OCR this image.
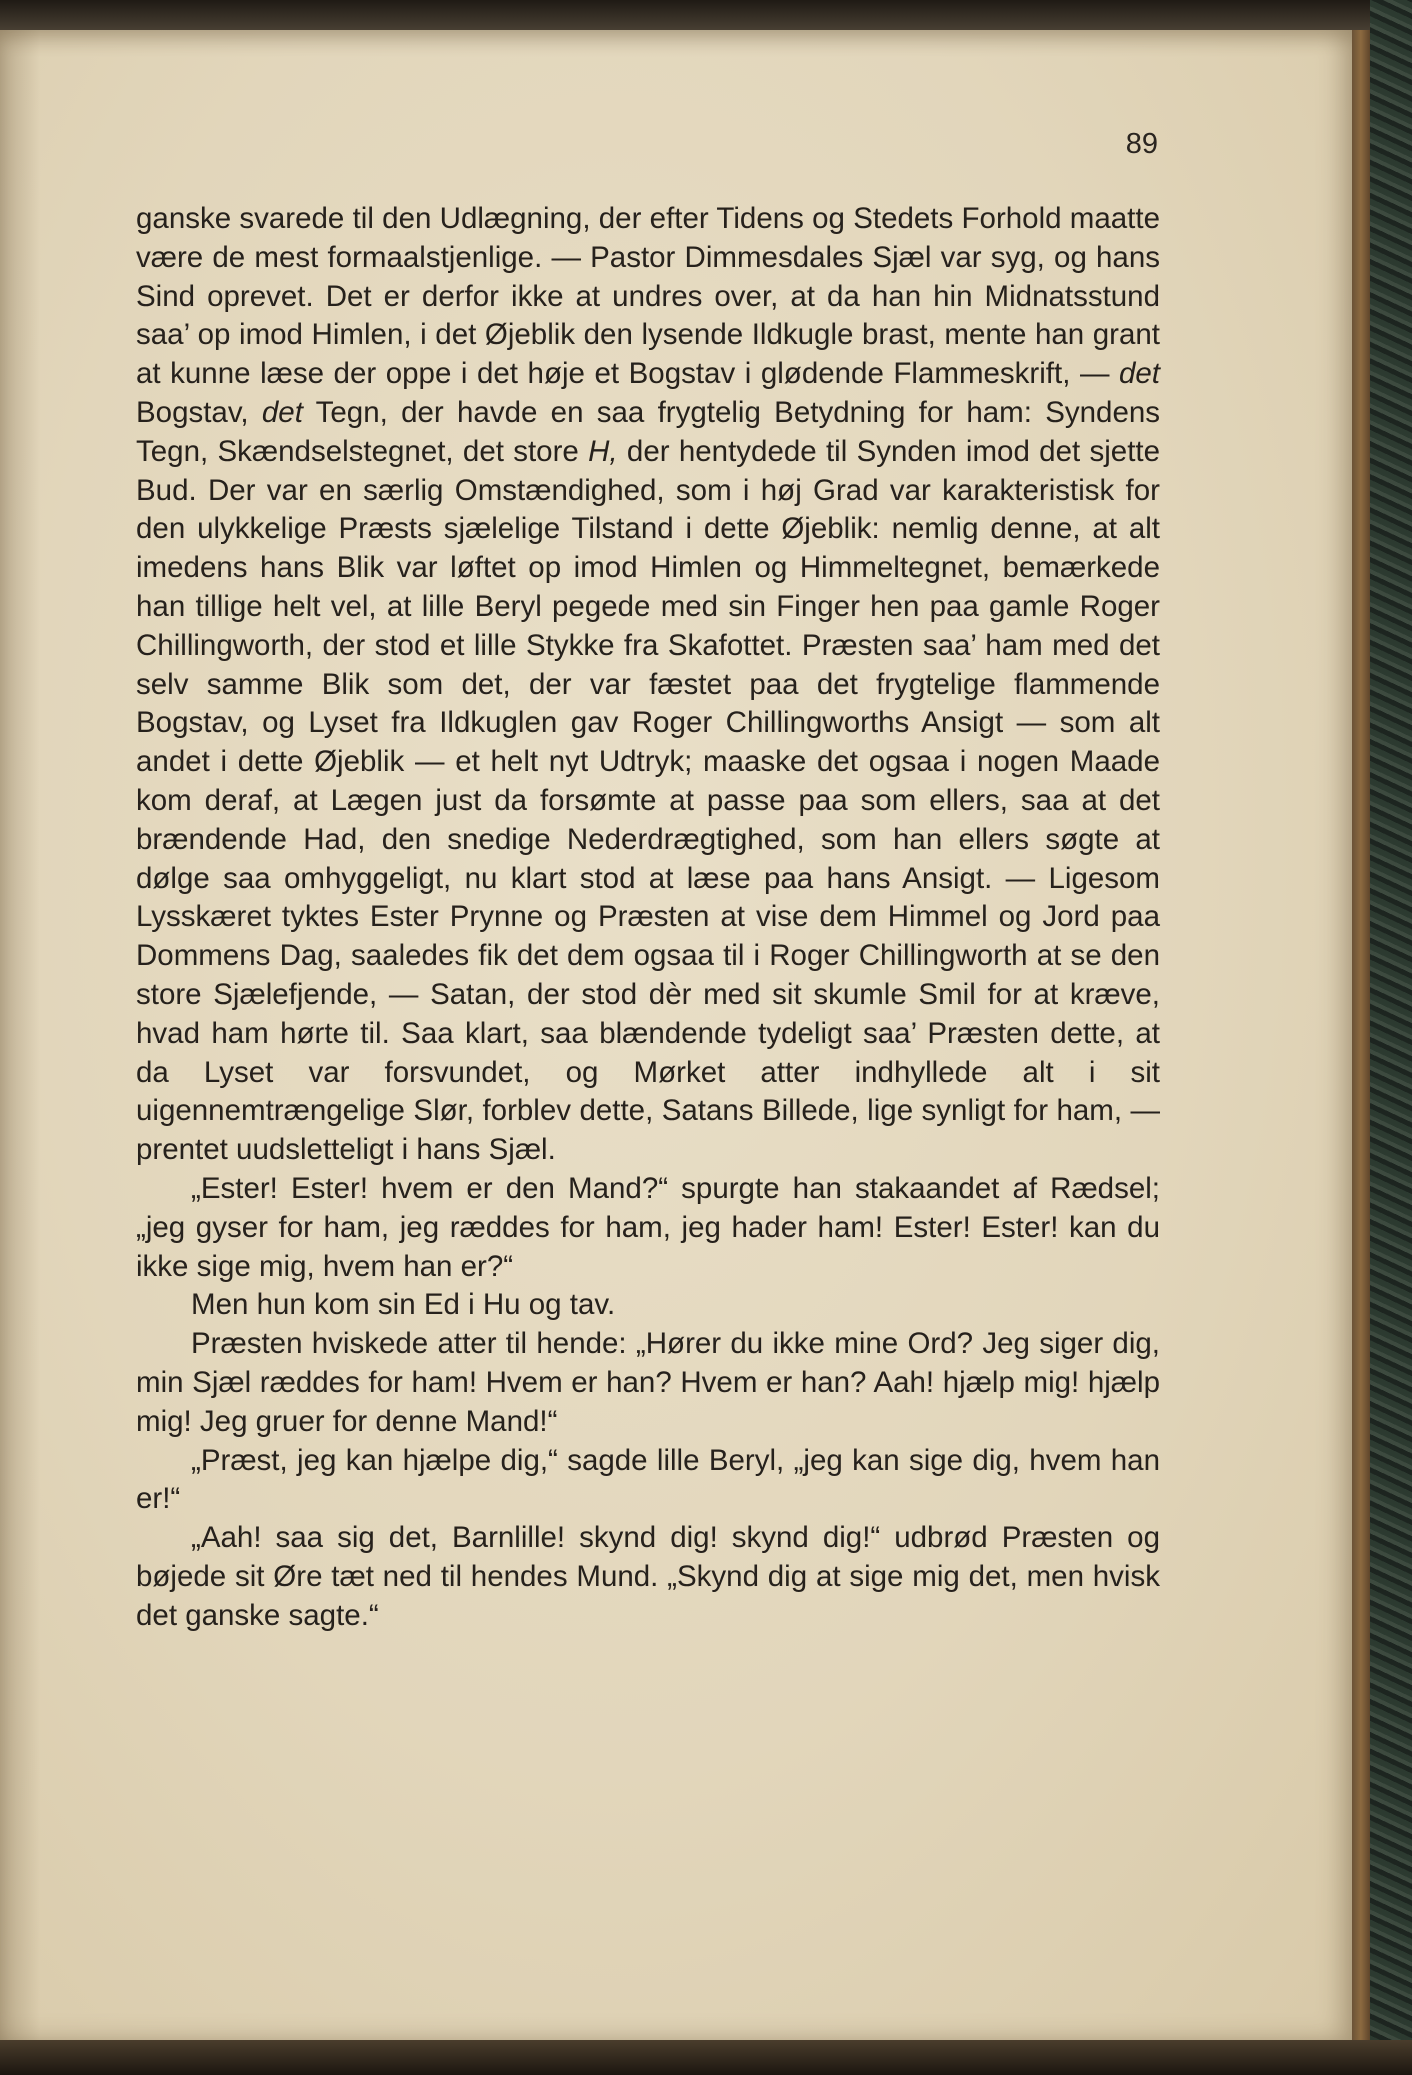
89

ganske svarede til den Udlægning, der efter Tidens og Stedets Forhold maatte være de mest formaalstjenlige. — Pastor Dimmesdales Sjæl var syg, og hans Sind oprevet. Det er derfor ikke at undres over, at da han hin Midnatsstund saa’ op imod Himlen, i det Øjeblik den lysende Ildkugle brast, mente han grant at kunne læse der oppe i det høje et Bogstav i glødende Flammeskrift, — det Bogstav, det Tegn, der havde en saa frygtelig Betydning for ham: Syndens Tegn, Skændselstegnet, det store H, der hentydede til Synden imod det sjette Bud. Der var en særlig Omstændighed, som i høj Grad var karakteristisk for den ulykkelige Præsts sjælelige Tilstand i dette Øjeblik: nemlig denne, at alt imedens hans Blik var løftet op imod Himlen og Himmeltegnet, bemærkede han tillige helt vel, at lille Beryl pegede med sin Finger hen paa gamle Roger Chillingworth, der stod et lille Stykke fra Skafottet. Præsten saa’ ham med det selv samme Blik som det, der var fæstet paa det frygtelige flammende Bogstav, og Lyset fra Ildkuglen gav Roger Chillingworths Ansigt — som alt andet i dette Øjeblik — et helt nyt Udtryk; maaske det ogsaa i nogen Maade kom deraf, at Lægen just da forsømte at passe paa som ellers, saa at det brændende Had, den snedige Nederdrægtighed, som han ellers søgte at dølge saa omhyggeligt, nu klart stod at læse paa hans Ansigt. — Ligesom Lysskæret tyktes Ester Prynne og Præsten at vise dem Himmel og Jord paa Dommens Dag, saaledes fik det dem ogsaa til i Roger Chillingworth at se den store Sjælefjende, — Satan, der stod dèr med sit skumle Smil for at kræve, hvad ham hørte til. Saa klart, saa blændende tydeligt saa’ Præsten dette, at da Lyset var forsvundet, og Mørket atter indhyllede alt i sit uigennemtrængelige Slør, forblev dette, Satans Billede, lige synligt for ham, — prentet uudsletteligt i hans Sjæl.

„Ester! Ester! hvem er den Mand?“ spurgte han stakaandet af Rædsel; „jeg gyser for ham, jeg ræddes for ham, jeg hader ham! Ester! Ester! kan du ikke sige mig, hvem han er?“

Men hun kom sin Ed i Hu og tav.

Præsten hviskede atter til hende: „Hører du ikke mine Ord? Jeg siger dig, min Sjæl ræddes for ham! Hvem er han? Hvem er han? Aah! hjælp mig! hjælp mig! Jeg gruer for denne Mand!“

„Præst, jeg kan hjælpe dig,“ sagde lille Beryl, „jeg kan sige dig, hvem han er!“

„Aah! saa sig det, Barnlille! skynd dig! skynd dig!“ udbrød Præsten og bøjede sit Øre tæt ned til hendes Mund. „Skynd dig at sige mig det, men hvisk det ganske sagte.“
